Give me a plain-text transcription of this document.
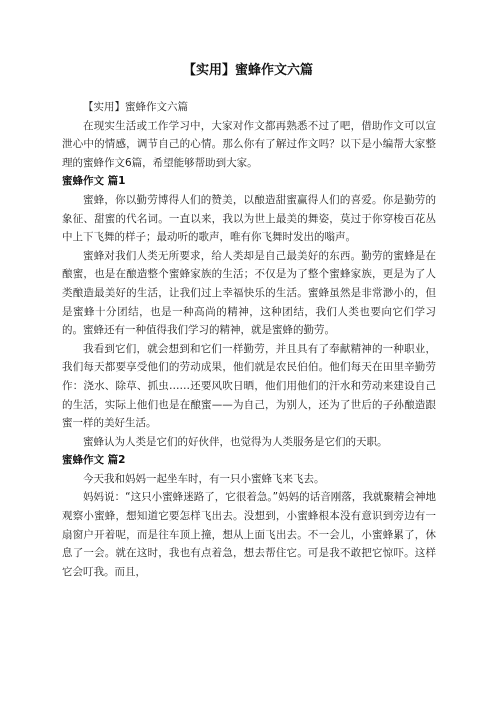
【实用】蜜蜂作文六篇

【实用】蜜蜂作文六篇

在现实生活或工作学习中，大家对作文都再熟悉不过了吧，借助作文可以宣泄心中的情感，调节自己的心情。那么你有了解过作文吗？以下是小编帮大家整理的蜜蜂作文6篇，希望能够帮助到大家。

蜜蜂作文 篇1

蜜蜂，你以勤劳博得人们的赞美，以酿造甜蜜赢得人们的喜爱。你是勤劳的象征、甜蜜的代名词。一直以来，我以为世上最美的舞姿，莫过于你穿梭百花丛中上下飞舞的样子；最动听的歌声，唯有你飞舞时发出的嗡声。

蜜蜂对我们人类无所要求，给人类却是自己最美好的东西。勤劳的蜜蜂是在酿蜜，也是在酿造整个蜜蜂家族的生活；不仅是为了整个蜜蜂家族，更是为了人类酿造最美好的生活，让我们过上幸福快乐的生活。蜜蜂虽然是非常渺小的，但是蜜蜂十分团结，也是一种高尚的精神，这种团结，我们人类也要向它们学习的。蜜蜂还有一种值得我们学习的精神，就是蜜蜂的勤劳。

我看到它们，就会想到和它们一样勤劳，并且具有了奉献精神的一种职业，我们每天都要享受他们的劳动成果，他们就是农民伯伯。他们每天在田里辛勤劳作：浇水、除草、抓虫……还要风吹日晒，他们用他们的汗水和劳动来建设自己的生活，实际上他们也是在酿蜜——为自己，为别人，还为了世后的子孙酿造跟蜜一样的美好生活。

蜜蜂认为人类是它们的好伙伴，也觉得为人类服务是它们的天职。

蜜蜂作文 篇2

今天我和妈妈一起坐车时，有一只小蜜蜂飞来飞去。

妈妈说：“这只小蜜蜂迷路了，它很着急。”妈妈的话音刚落，我就聚精会神地观察小蜜蜂，想知道它要怎样飞出去。没想到，小蜜蜂根本没有意识到旁边有一扇窗户开着呢，而是往车顶上撞，想从上面飞出去。不一会儿，小蜜蜂累了，休息了一会。就在这时，我也有点着急，想去帮住它。可是我不敢把它惊吓。这样它会叮我。而且，
